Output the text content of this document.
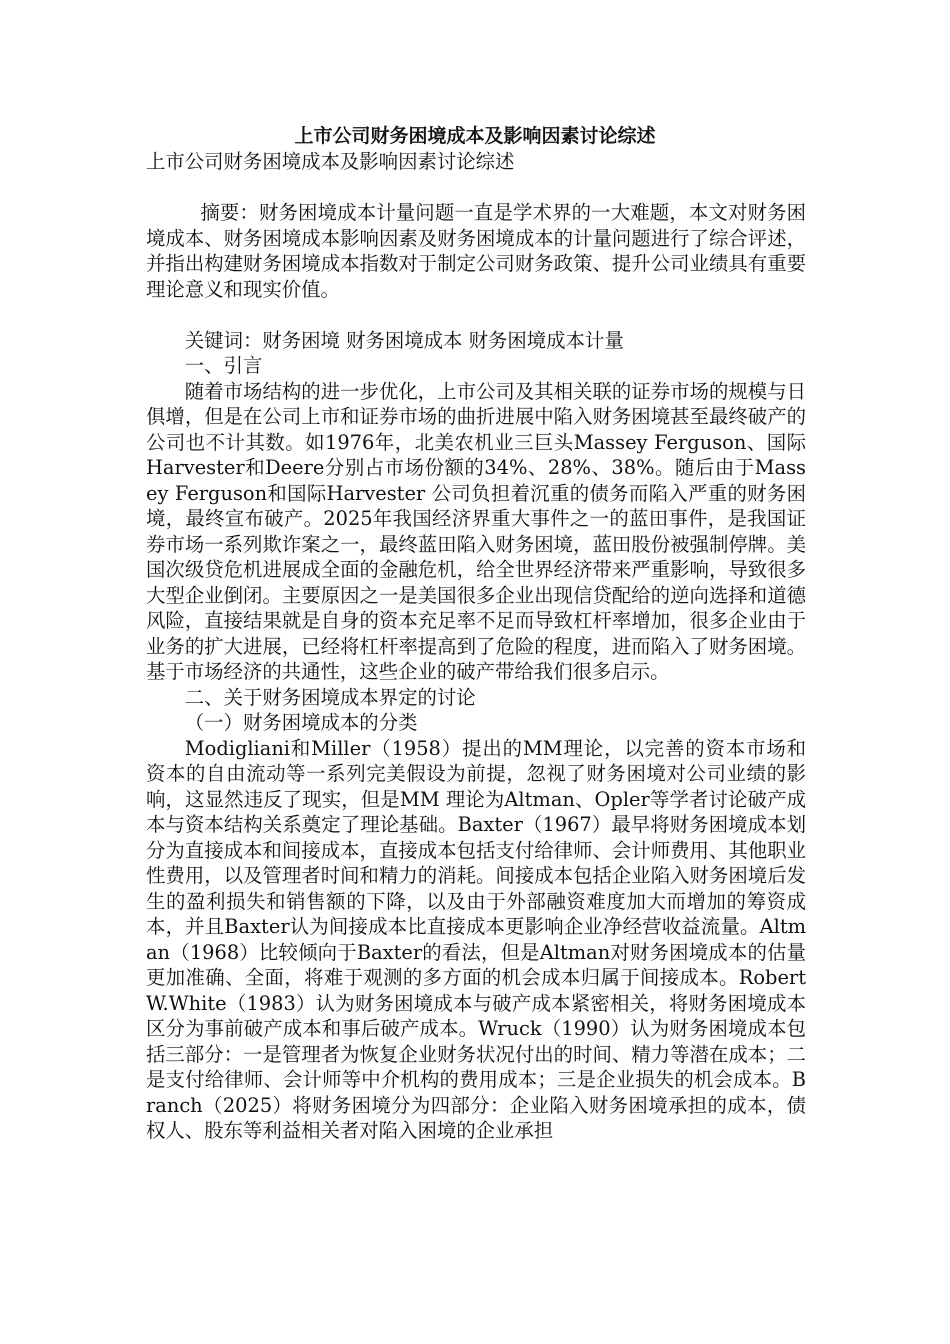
上市公司财务困境成本及影响因素讨论综述

上市公司财务困境成本及影响因素讨论综述

摘要：财务困境成本计量问题一直是学术界的一大难题，本文对财务困境成本、财务困境成本影响因素及财务困境成本的计量问题进行了综合评述，并指出构建财务困境成本指数对于制定公司财务政策、提升公司业绩具有重要理论意义和现实价值。

关键词：财务困境 财务困境成本 财务困境成本计量

一、引言

随着市场结构的进一步优化，上市公司及其相关联的证券市场的规模与日俱增，但是在公司上市和证券市场的曲折进展中陷入财务困境甚至最终破产的公司也不计其数。如1976年，北美农机业三巨头Massey Ferguson、国际Harvester和Deere分别占市场份额的34%、28%、38%。随后由于Massey Ferguson和国际Harvester 公司负担着沉重的债务而陷入严重的财务困境，最终宣布破产。2025年我国经济界重大事件之一的蓝田事件，是我国证券市场一系列欺诈案之一，最终蓝田陷入财务困境，蓝田股份被强制停牌。美国次级贷危机进展成全面的金融危机，给全世界经济带来严重影响，导致很多大型企业倒闭。主要原因之一是美国很多企业出现信贷配给的逆向选择和道德风险，直接结果就是自身的资本充足率不足而导致杠杆率增加，很多企业由于业务的扩大进展，已经将杠杆率提高到了危险的程度，进而陷入了财务困境。基于市场经济的共通性，这些企业的破产带给我们很多启示。

二、关于财务困境成本界定的讨论

（一）财务困境成本的分类

Modigliani和Miller（1958）提出的MM理论，以完善的资本市场和资本的自由流动等一系列完美假设为前提，忽视了财务困境对公司业绩的影响，这显然违反了现实，但是MM 理论为Altman、Opler等学者讨论破产成本与资本结构关系奠定了理论基础。Baxter（1967）最早将财务困境成本划分为直接成本和间接成本，直接成本包括支付给律师、会计师费用、其他职业性费用，以及管理者时间和精力的消耗。间接成本包括企业陷入财务困境后发生的盈利损失和销售额的下降，以及由于外部融资难度加大而增加的筹资成本，并且Baxter认为间接成本比直接成本更影响企业净经营收益流量。Altman（1968）比较倾向于Baxter的看法，但是Altman对财务困境成本的估量更加准确、全面，将难于观测的多方面的机会成本归属于间接成本。Robert W.White（1983）认为财务困境成本与破产成本紧密相关，将财务困境成本区分为事前破产成本和事后破产成本。Wruck（1990）认为财务困境成本包括三部分：一是管理者为恢复企业财务状况付出的时间、精力等潜在成本；二是支付给律师、会计师等中介机构的费用成本；三是企业损失的机会成本。Branch（2025）将财务困境分为四部分：企业陷入财务困境承担的成本，债权人、股东等利益相关者对陷入困境的企业承担
